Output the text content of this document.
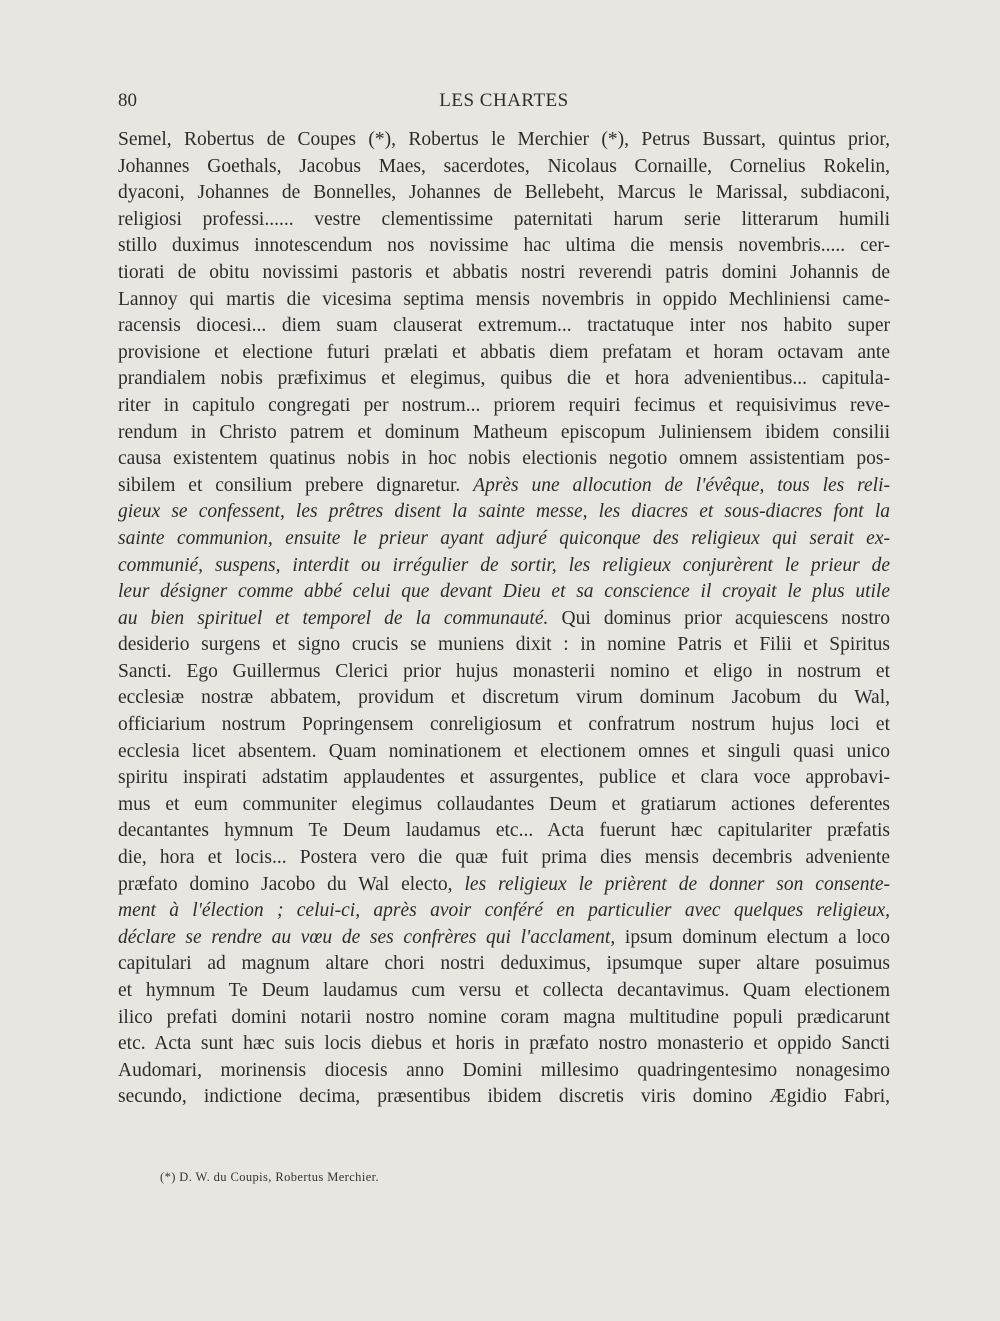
80	LES CHARTES
Semel, Robertus de Coupes (*), Robertus le Merchier (*), Petrus Bussart, quintus prior,
Johannes Goethals, Jacobus Maes, sacerdotes, Nicolaus Cornaille, Cornelius Rokelin,
dyaconi, Johannes de Bonnelles, Johannes de Bellebeht, Marcus le Marissal, subdiaconi,
religiosi professi...... vestre clementissime paternitati harum serie litterarum humili
stillo duximus innotescendum nos novissime hac ultima die mensis novembris..... cer-
tiorati de obitu novissimi pastoris et abbatis nostri reverendi patris domini Johannis de
Lannoy qui martis die vicesima septima mensis novembris in oppido Mechliniensi came-
racensis diocesi... diem suam clauserat extremum... tractatuque inter nos habito super
provisione et electione futuri prælati et abbatis diem prefatam et horam octavam ante
prandialem nobis præfiximus et elegimus, quibus die et hora advenientibus... capitula-
riter in capitulo congregati per nostrum... priorem requiri fecimus et requisivimus reve-
rendum in Christo patrem et dominum Matheum episcopum Juliniensem ibidem consilii
causa existentem quatinus nobis in hoc nobis electionis negotio omnem assistentiam pos-
sibilem et consilium prebere dignaretur. Après une allocution de l'évêque, tous les reli-
gieux se confessent, les prêtres disent la sainte messe, les diacres et sous-diacres font la
sainte communion, ensuite le prieur ayant adjuré quiconque des religieux qui serait ex-
communié, suspens, interdit ou irrégulier de sortir, les religieux conjurèrent le prieur de
leur désigner comme abbé celui que devant Dieu et sa conscience il croyait le plus utile
au bien spirituel et temporel de la communauté. Qui dominus prior acquiescens nostro
desiderio surgens et signo crucis se muniens dixit : in nomine Patris et Filii et Spiritus
Sancti. Ego Guillermus Clerici prior hujus monasterii nomino et eligo in nostrum et
ecclesiæ nostræ abbatem, providum et discretum virum dominum Jacobum du Wal,
officiarium nostrum Popringensem conreligiosum et confratrum nostrum hujus loci et
ecclesia licet absentem. Quam nominationem et electionem omnes et singuli quasi unico
spiritu inspirati adstatim applaudentes et assurgentes, publice et clara voce approbavi-
mus et eum communiter elegimus collaudantes Deum et gratiarum actiones deferentes
decantantes hymnum Te Deum laudamus etc... Acta fuerunt hæc capitulariter præfatis
die, hora et locis... Postera vero die quæ fuit prima dies mensis decembris adveniente
præfato domino Jacobo du Wal electo, les religieux le prièrent de donner son consente-
ment à l'élection ; celui-ci, après avoir conféré en particulier avec quelques religieux,
déclare se rendre au vœu de ses confrères qui l'acclament, ipsum dominum electum a loco
capitulari ad magnum altare chori nostri deduximus, ipsumque super altare posuimus
et hymnum Te Deum laudamus cum versu et collecta decantavimus. Quam electionem
ilico prefati domini notarii nostro nomine coram magna multitudine populi prædicarunt
etc. Acta sunt hæc suis locis diebus et horis in præfato nostro monasterio et oppido Sancti
Audomari, morinensis diocesis anno Domini millesimo quadringentesimo nonagesimo
secundo, indictione decima, præsentibus ibidem discretis viris domino Ægidio Fabri,
(*) D. W. du Coupis, Robertus Merchier.
